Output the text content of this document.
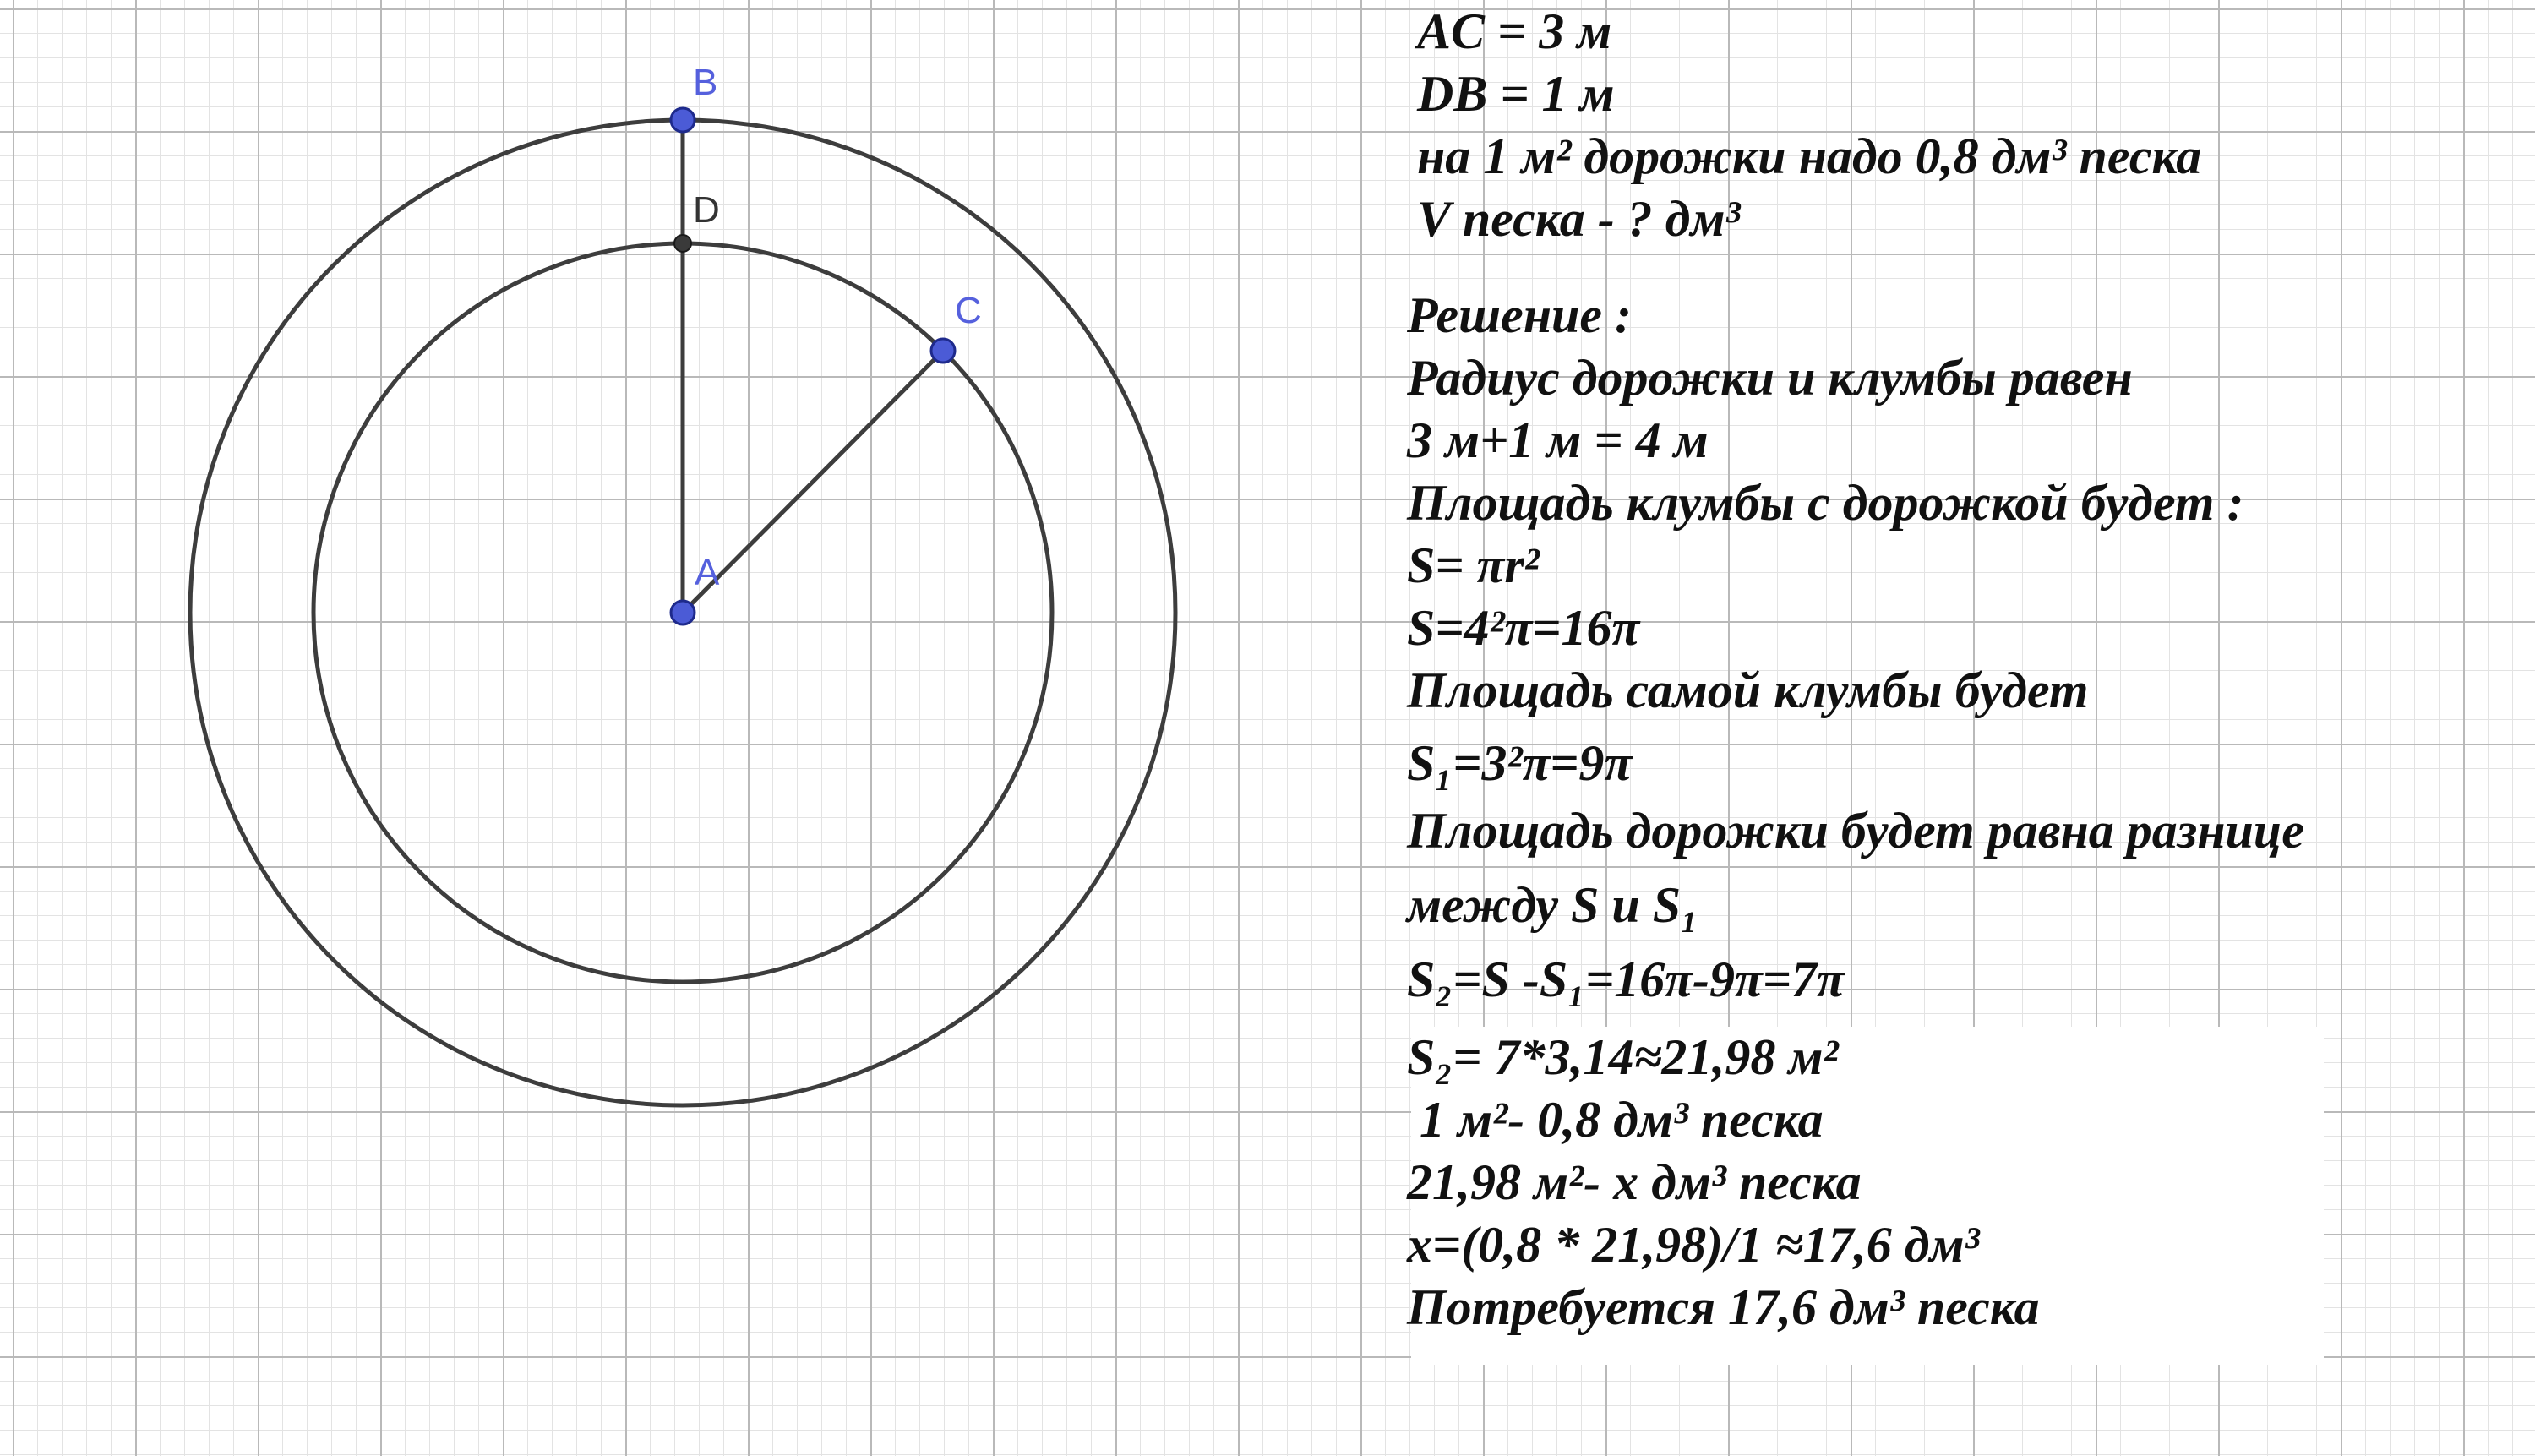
B
D
C
A
AC = 3 м
DB = 1 м
на 1 м² дорожки надо 0,8 дм³ песка
V песка - ? дм³
Решение :
Радиус дорожки и клумбы равен
3 м+1 м = 4 м
Площадь клумбы с дорожкой будет :
S= πr²
S=4²π=16π
Площадь самой клумбы будет
S₁=3²π=9π
Площадь дорожки будет равна разнице
между S и S₁
S₂=S -S₁=16π-9π=7π
S₂= 7*3,14≈21,98 м²
1 м²- 0,8 дм³ песка
21,98 м²- x дм³ песка
x=(0,8 * 21,98)/1 ≈17,6 дм³
Потребуется 17,6 дм³ песка
